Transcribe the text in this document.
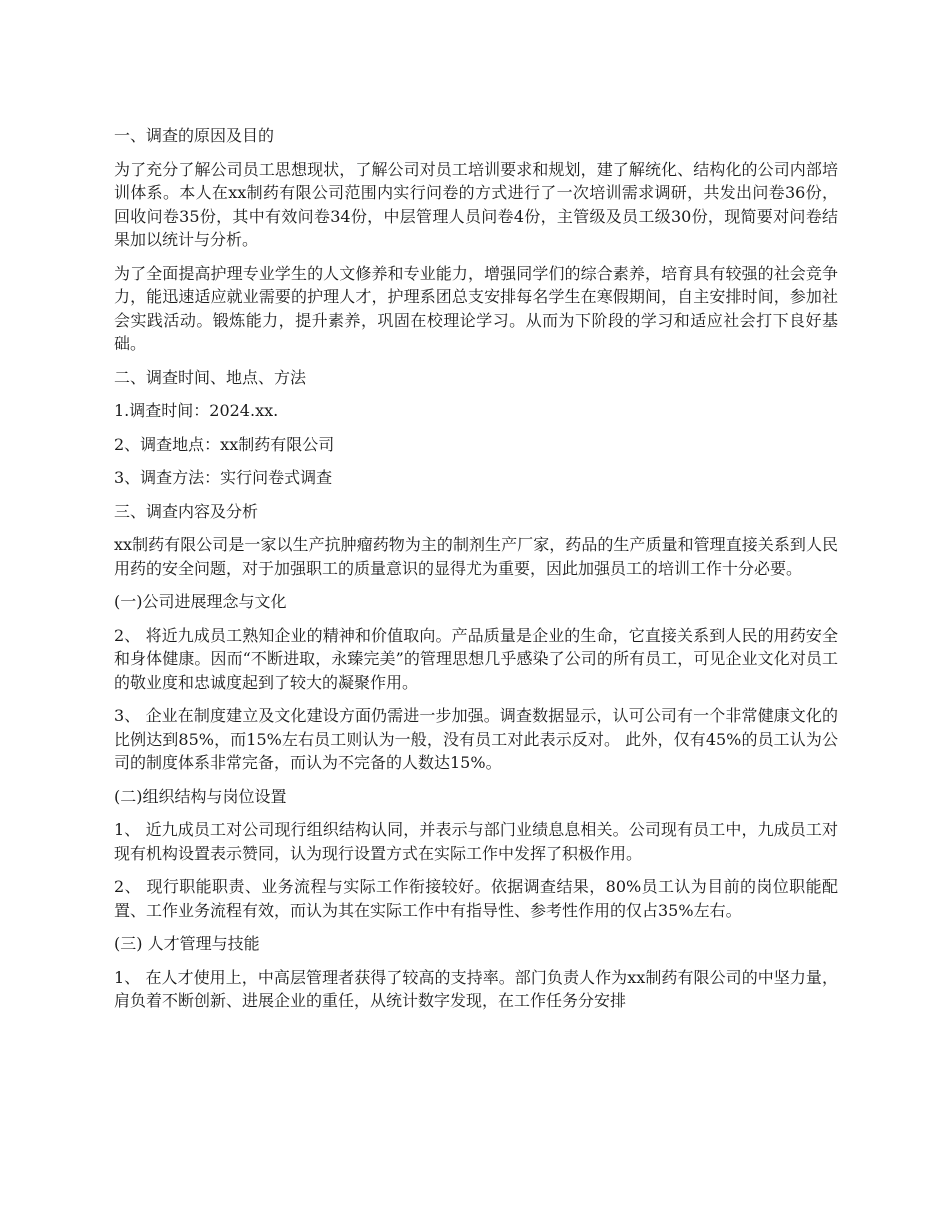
一、调查的原因及目的

为了充分了解公司员工思想现状，了解公司对员工培训要求和规划，建了解统化、结构化的公司内部培训体系。本人在xx制药有限公司范围内实行问卷的方式进行了一次培训需求调研，共发出问卷36份，回收问卷35份，其中有效问卷34份，中层管理人员问卷4份，主管级及员工级30份，现简要对问卷结果加以统计与分析。

为了全面提高护理专业学生的人文修养和专业能力，增强同学们的综合素养，培育具有较强的社会竞争力，能迅速适应就业需要的护理人才，护理系团总支安排每名学生在寒假期间，自主安排时间，参加社会实践活动。锻炼能力，提升素养，巩固在校理论学习。从而为下阶段的学习和适应社会打下良好基础。

二、调查时间、地点、方法

1.调查时间：2024.xx.

2、调查地点：xx制药有限公司

3、调查方法：实行问卷式调查

三、调查内容及分析

xx制药有限公司是一家以生产抗肿瘤药物为主的制剂生产厂家，药品的生产质量和管理直接关系到人民用药的安全问题，对于加强职工的质量意识的显得尤为重要，因此加强员工的培训工作十分必要。

(一)公司进展理念与文化

2、 将近九成员工熟知企业的精神和价值取向。产品质量是企业的生命，它直接关系到人民的用药安全和身体健康。因而“不断进取，永臻完美”的管理思想几乎感染了公司的所有员工，可见企业文化对员工的敬业度和忠诚度起到了较大的凝聚作用。

3、 企业在制度建立及文化建设方面仍需进一步加强。调查数据显示，认可公司有一个非常健康文化的比例达到85%，而15%左右员工则认为一般，没有员工对此表示反对。 此外，仅有45%的员工认为公司的制度体系非常完备，而认为不完备的人数达15%。

(二)组织结构与岗位设置

1、 近九成员工对公司现行组织结构认同，并表示与部门业绩息息相关。公司现有员工中，九成员工对现有机构设置表示赞同，认为现行设置方式在实际工作中发挥了积极作用。

2、 现行职能职责、业务流程与实际工作衔接较好。依据调查结果，80%员工认为目前的岗位职能配置、工作业务流程有效，而认为其在实际工作中有指导性、参考性作用的仅占35%左右。

(三) 人才管理与技能

1、 在人才使用上，中高层管理者获得了较高的支持率。部门负责人作为xx制药有限公司的中坚力量，肩负着不断创新、进展企业的重任，从统计数字发现，在工作任务分安排
